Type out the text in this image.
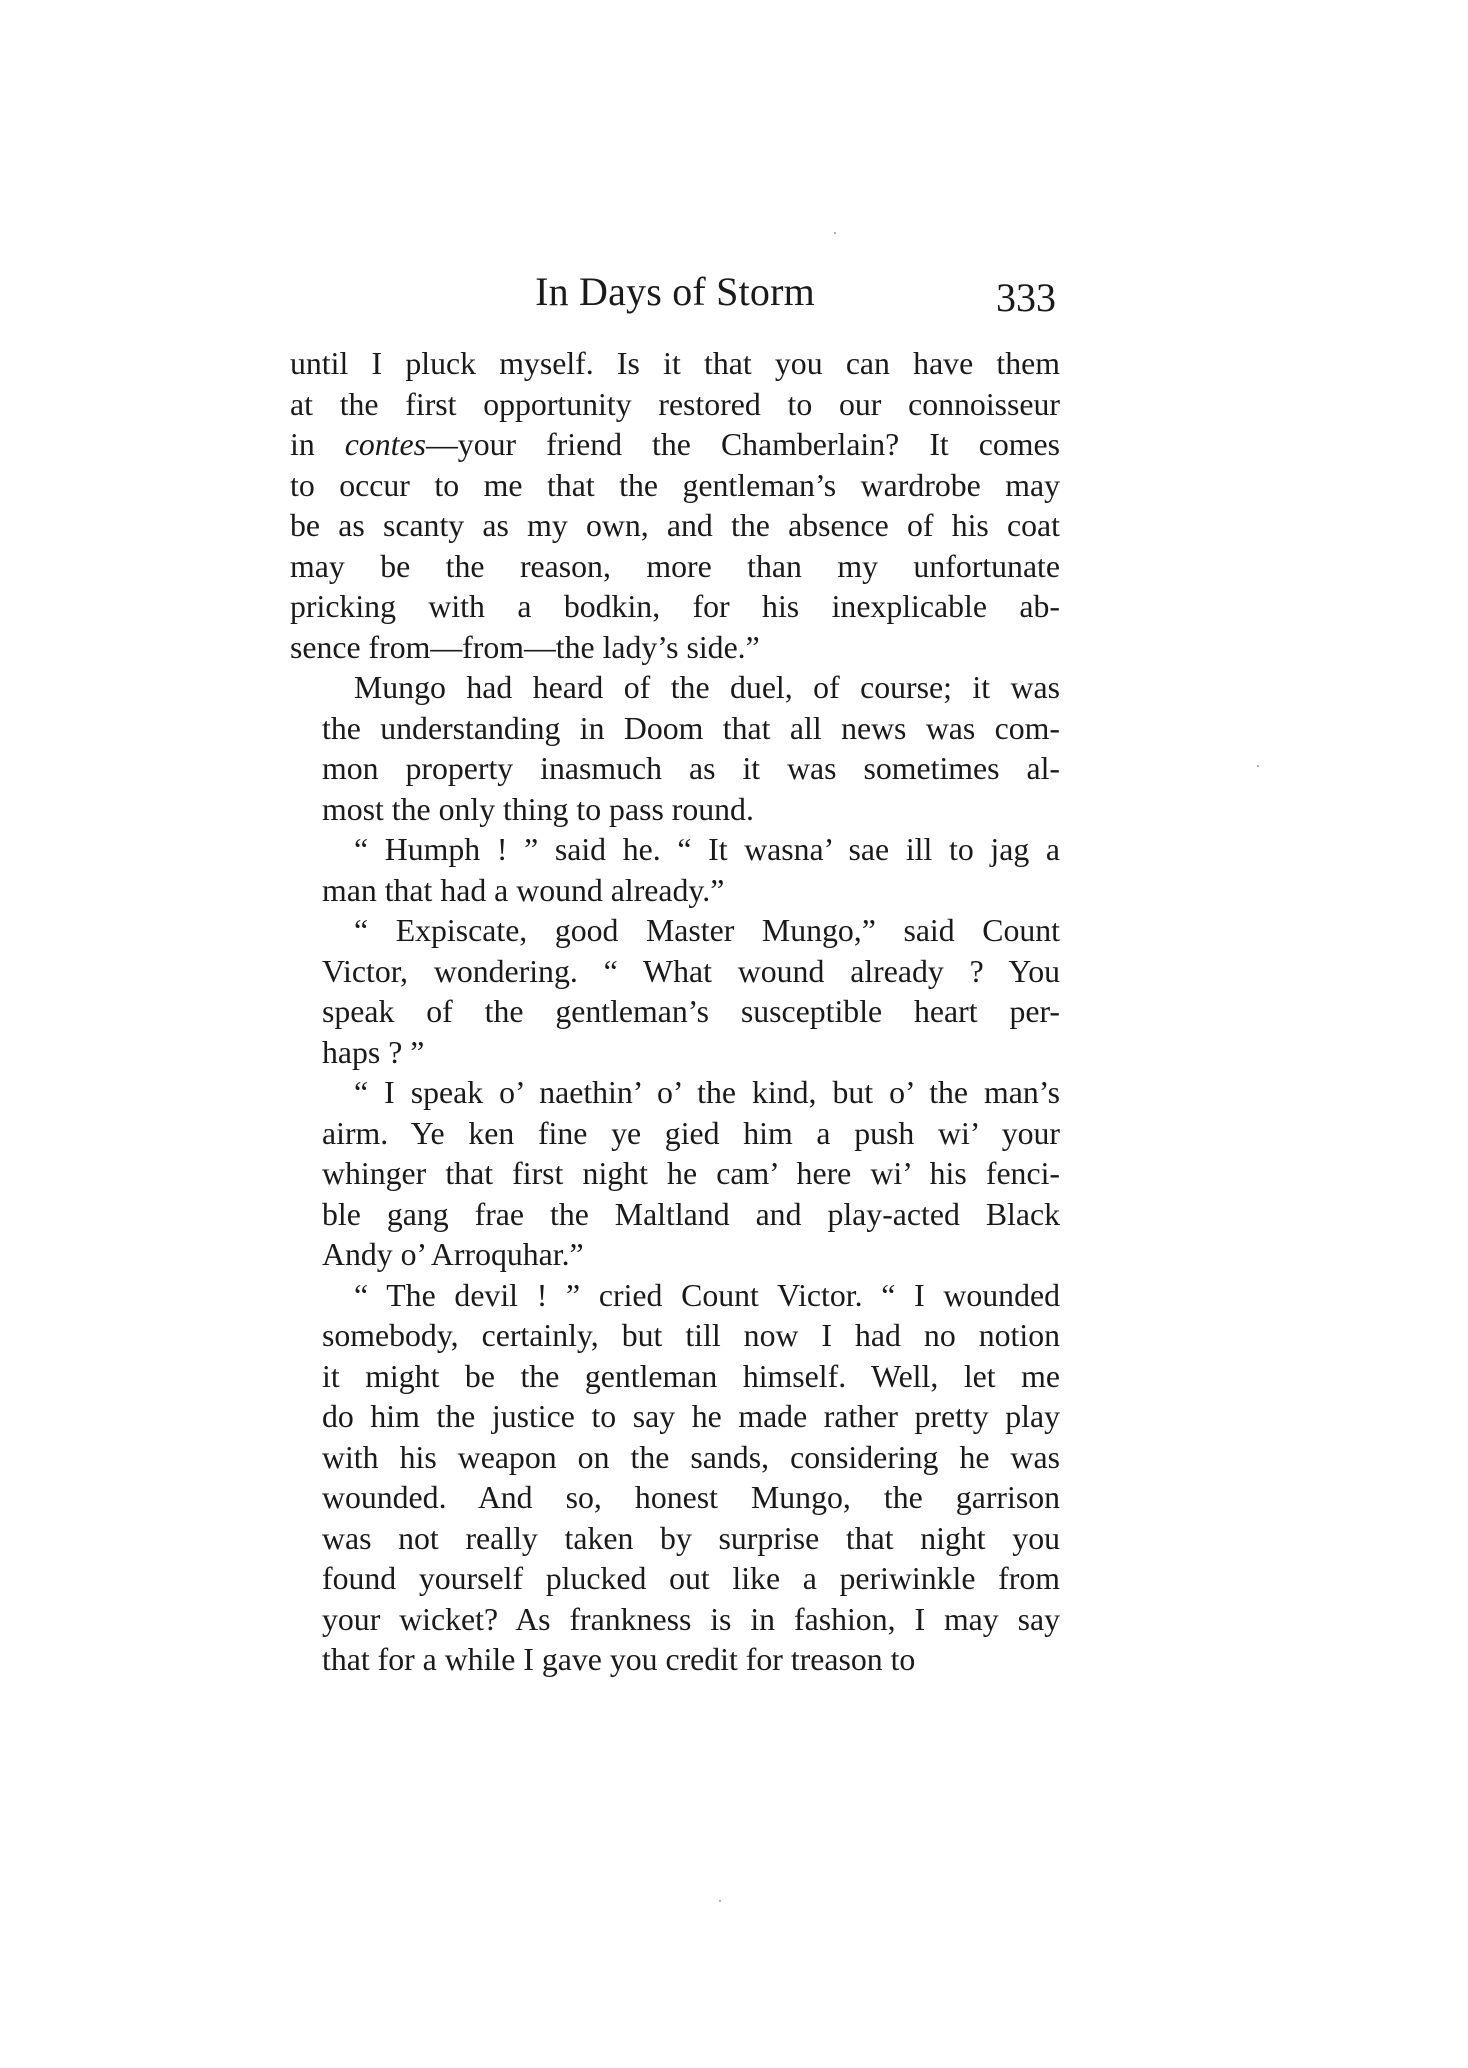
In Days of Storm	333
until I pluck myself. Is it that you can have them
at the first opportunity restored to our connoisseur
in contes—your friend the Chamberlain? It comes
to occur to me that the gentleman’s wardrobe may
be as scanty as my own, and the absence of his coat
may be the reason, more than my unfortunate
pricking with a bodkin, for his inexplicable ab-
sence from—from—the lady’s side.”
Mungo had heard of the duel, of course; it was
the understanding in Doom that all news was com-
mon property inasmuch as it was sometimes al-
most the only thing to pass round.
“ Humph ! ” said he. “ It wasna’ sae ill to jag a
man that had a wound already.”
“ Expiscate, good Master Mungo,” said Count
Victor, wondering. “ What wound already ? You
speak of the gentleman’s susceptible heart per-
haps ? ”
“ I speak o’ naethin’ o’ the kind, but o’ the man’s
airm. Ye ken fine ye gied him a push wi’ your
whinger that first night he cam’ here wi’ his fenci-
ble gang frae the Maltland and play-acted Black
Andy o’ Arroquhar.”
“ The devil ! ” cried Count Victor. “ I wounded
somebody, certainly, but till now I had no notion
it might be the gentleman himself. Well, let me
do him the justice to say he made rather pretty play
with his weapon on the sands, considering he was
wounded. And so, honest Mungo, the garrison
was not really taken by surprise that night you
found yourself plucked out like a periwinkle from
your wicket? As frankness is in fashion, I may say
that for a while I gave you credit for treason to
